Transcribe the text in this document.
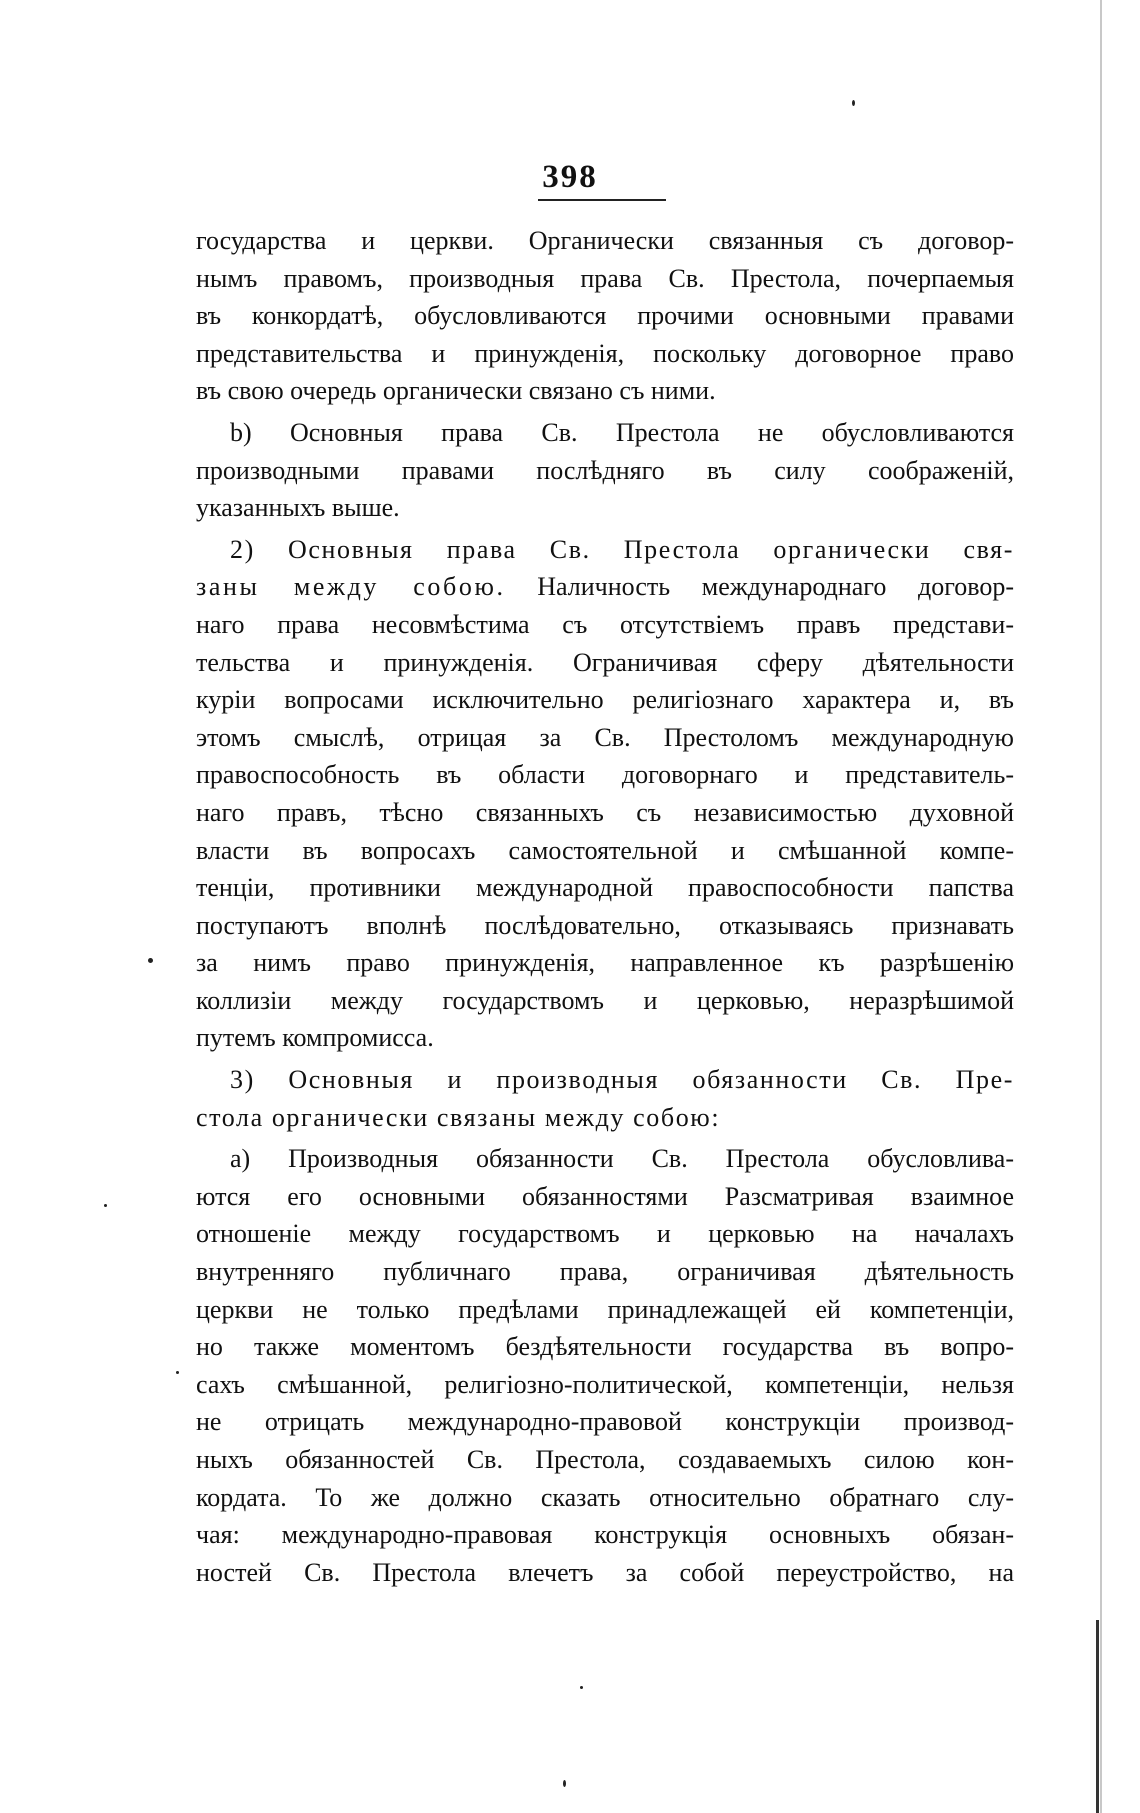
398
государства и церкви. Органически связанныя съ договор-
нымъ правомъ, производныя права Св. Престола, почерпаемыя
въ конкордатѣ, обусловливаются прочими основными правами
представительства и принужденія, поскольку договорное право
въ свою очередь органически связано съ ними.
b) Основныя права Св. Престола не обусловливаются
производными правами послѣдняго въ силу соображеній,
указанныхъ выше.
2) Основныя права Св. Престола органически свя-
заны между собою. Наличность международнаго договор-
наго права несовмѣстима съ отсутствіемъ правъ представи-
тельства и принужденія. Ограничивая сферу дѣятельности
куріи вопросами исключительно религіознаго характера и, въ
этомъ смыслѣ, отрицая за Св. Престоломъ международную
правоспособность въ области договорнаго и представитель-
наго правъ, тѣсно связанныхъ съ независимостью духовной
власти въ вопросахъ самостоятельной и смѣшанной компе-
тенціи, противники международной правоспособности папства
поступаютъ вполнѣ послѣдовательно, отказываясь признавать
за нимъ право принужденія, направленное къ разрѣшенію
коллизіи между государствомъ и церковью, неразрѣшимой
путемъ компромисса.
3) Основныя и производныя обязанности Св. Пре-
стола органически связаны между собою:
а) Производныя обязанности Св. Престола обусловлива-
ются его основными обязанностями Разсматривая взаимное
отношеніе между государствомъ и церковью на началахъ
внутренняго публичнаго права, ограничивая дѣятельность
церкви не только предѣлами принадлежащей ей компетенціи,
но также моментомъ бездѣятельности государства въ вопро-
сахъ смѣшанной, религіозно-политической, компетенціи, нельзя
не отрицать международно-правовой конструкціи производ-
ныхъ обязанностей Св. Престола, создаваемыхъ силою кон-
кордата. То же должно сказать относительно обратнаго слу-
чая: международно-правовая конструкція основныхъ обязан-
ностей Св. Престола влечетъ за собой переустройство, на
